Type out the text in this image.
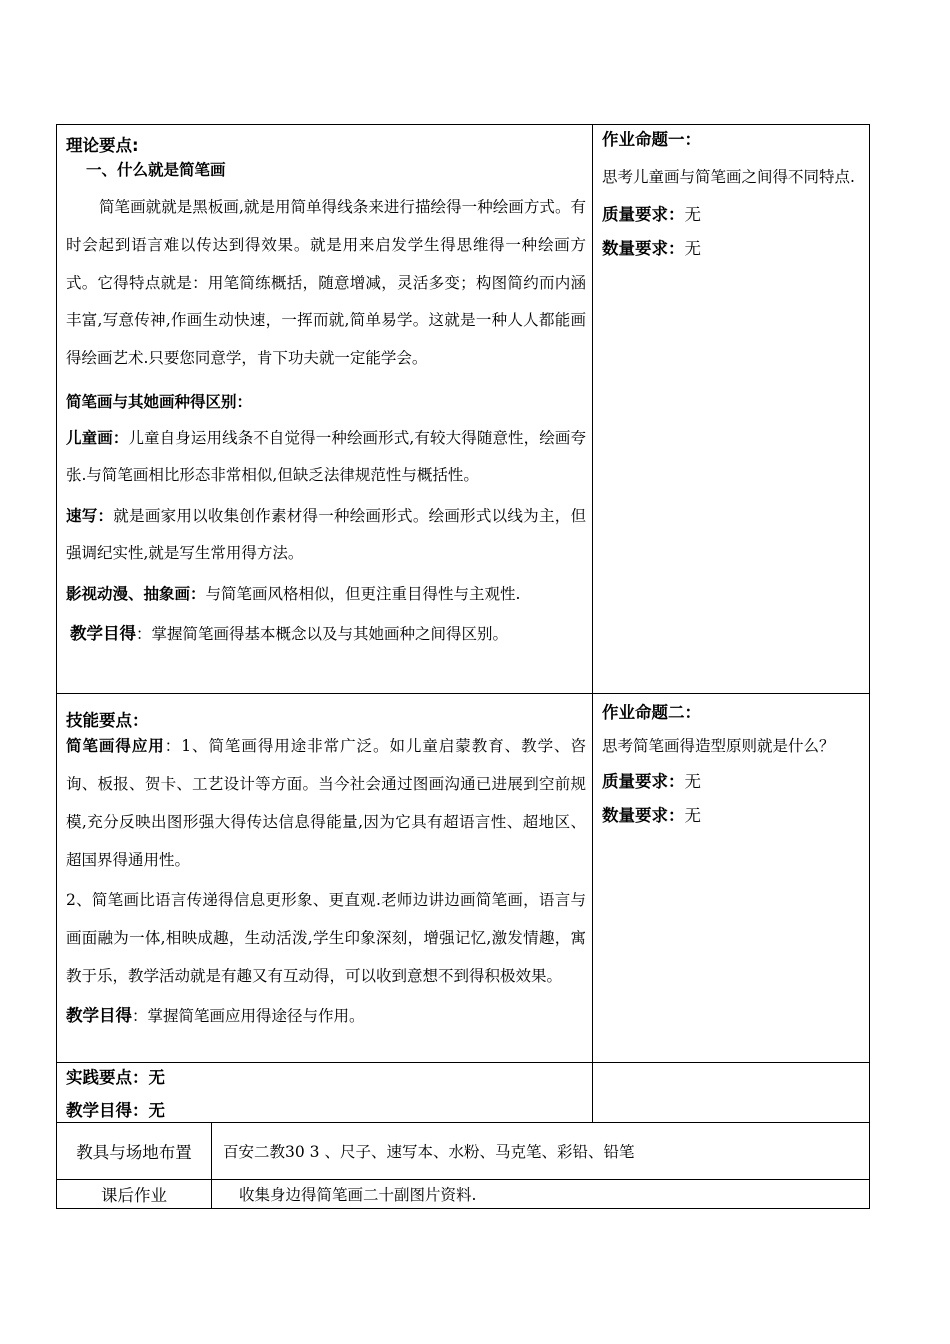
理论要点:

一、什么就是简笔画

简笔画就就是黑板画,就是用简单得线条来进行描绘得一种绘画方式。有时会起到语言难以传达到得效果。就是用来启发学生得思维得一种绘画方式。它得特点就是：用笔简练概括，随意增减，灵活多变；构图简约而内涵丰富,写意传神,作画生动快速，一挥而就,简单易学。这就是一种人人都能画得绘画艺术.只要您同意学，肯下功夫就一定能学会。

简笔画与其她画种得区别：

儿童画：儿童自身运用线条不自觉得一种绘画形式,有较大得随意性，绘画夸张.与简笔画相比形态非常相似,但缺乏法律规范性与概括性。

速写：就是画家用以收集创作素材得一种绘画形式。绘画形式以线为主，但强调纪实性,就是写生常用得方法。

影视动漫、抽象画：与简笔画风格相似，但更注重目得性与主观性.

教学目得：掌握简笔画得基本概念以及与其她画种之间得区别。

作业命题一：

思考儿童画与简笔画之间得不同特点.

质量要求：无

数量要求：无

技能要点：

简笔画得应用：1、简笔画得用途非常广泛。如儿童启蒙教育、教学、咨询、板报、贺卡、工艺设计等方面。当今社会通过图画沟通已进展到空前规模,充分反映出图形强大得传达信息得能量,因为它具有超语言性、超地区、超国界得通用性。

2、简笔画比语言传递得信息更形象、更直观.老师边讲边画简笔画，语言与画面融为一体,相映成趣，生动活泼,学生印象深刻，增强记忆,激发情趣，寓教于乐，教学活动就是有趣又有互动得，可以收到意想不到得积极效果。

教学目得：掌握简笔画应用得途径与作用。

作业命题二：

思考简笔画得造型原则就是什么？

质量要求：无

数量要求：无

实践要点：无

教学目得：无

教具与场地布置 百安二教30 3 、尺子、速写本、水粉、马克笔、彩铅、铅笔
课后作业	收集身边得简笔画二十副图片资料.
